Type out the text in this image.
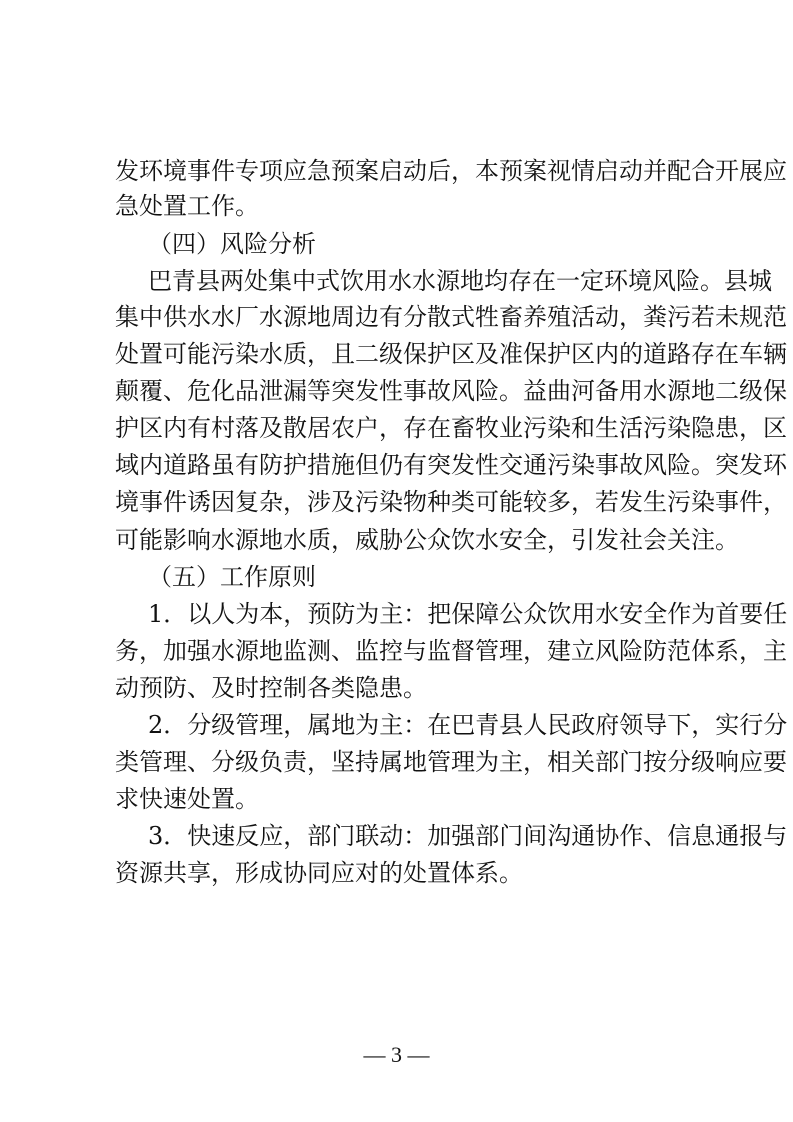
发环境事件专项应急预案启动后，本预案视情启动并配合开展应
急处置工作。
（四）风险分析
巴青县两处集中式饮用水水源地均存在一定环境风险。县城
集中供水水厂水源地周边有分散式牲畜养殖活动，粪污若未规范
处置可能污染水质，且二级保护区及准保护区内的道路存在车辆
颠覆、危化品泄漏等突发性事故风险。益曲河备用水源地二级保
护区内有村落及散居农户，存在畜牧业污染和生活污染隐患，区
域内道路虽有防护措施但仍有突发性交通污染事故风险。突发环
境事件诱因复杂，涉及污染物种类可能较多，若发生污染事件，
可能影响水源地水质，威胁公众饮水安全，引发社会关注。
（五）工作原则
1．以人为本，预防为主：把保障公众饮用水安全作为首要任
务，加强水源地监测、监控与监督管理，建立风险防范体系，主
动预防、及时控制各类隐患。
2．分级管理，属地为主：在巴青县人民政府领导下，实行分
类管理、分级负责，坚持属地管理为主，相关部门按分级响应要
求快速处置。
3．快速反应，部门联动：加强部门间沟通协作、信息通报与
资源共享，形成协同应对的处置体系。
— 3 —
